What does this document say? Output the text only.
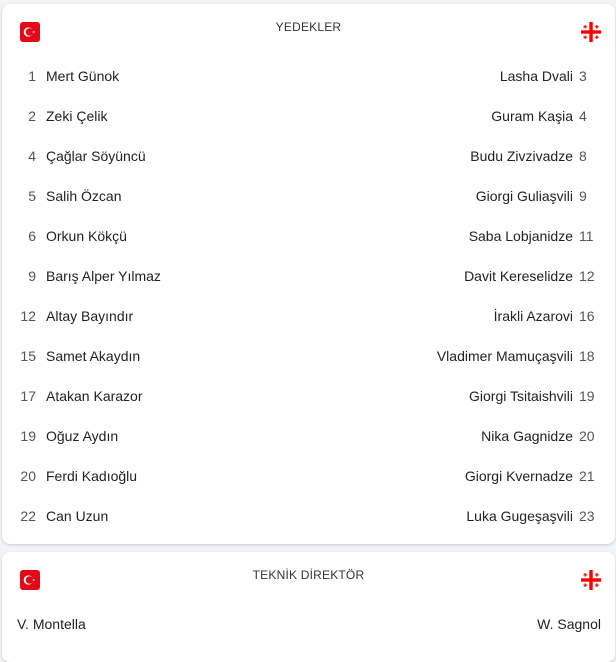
YEDEKLER
1 Mert Günok	Lasha Dvali 3
2 Zeki Çelik	Guram Kaşia 4
4 Çağlar Söyüncü	Budu Zivzivadze 8
5 Salih Özcan	Giorgi Guliaşvili 9
6 Orkun Kökçü	Saba Lobjanidze 11
9 Barış Alper Yılmaz	Davit Kereselidze 12
12 Altay Bayındır	İrakli Azarovi 16
15 Samet Akaydın	Vladimer Mamuçaşvili 18
17 Atakan Karazor	Giorgi Tsitaishvili 19
19 Oğuz Aydın	Nika Gagnidze 20
20 Ferdi Kadıoğlu	Giorgi Kvernadze 21
22 Can Uzun	Luka Gugeşaşvili 23
TEKNİK DİREKTÖR
V. Montella	W. Sagnol
